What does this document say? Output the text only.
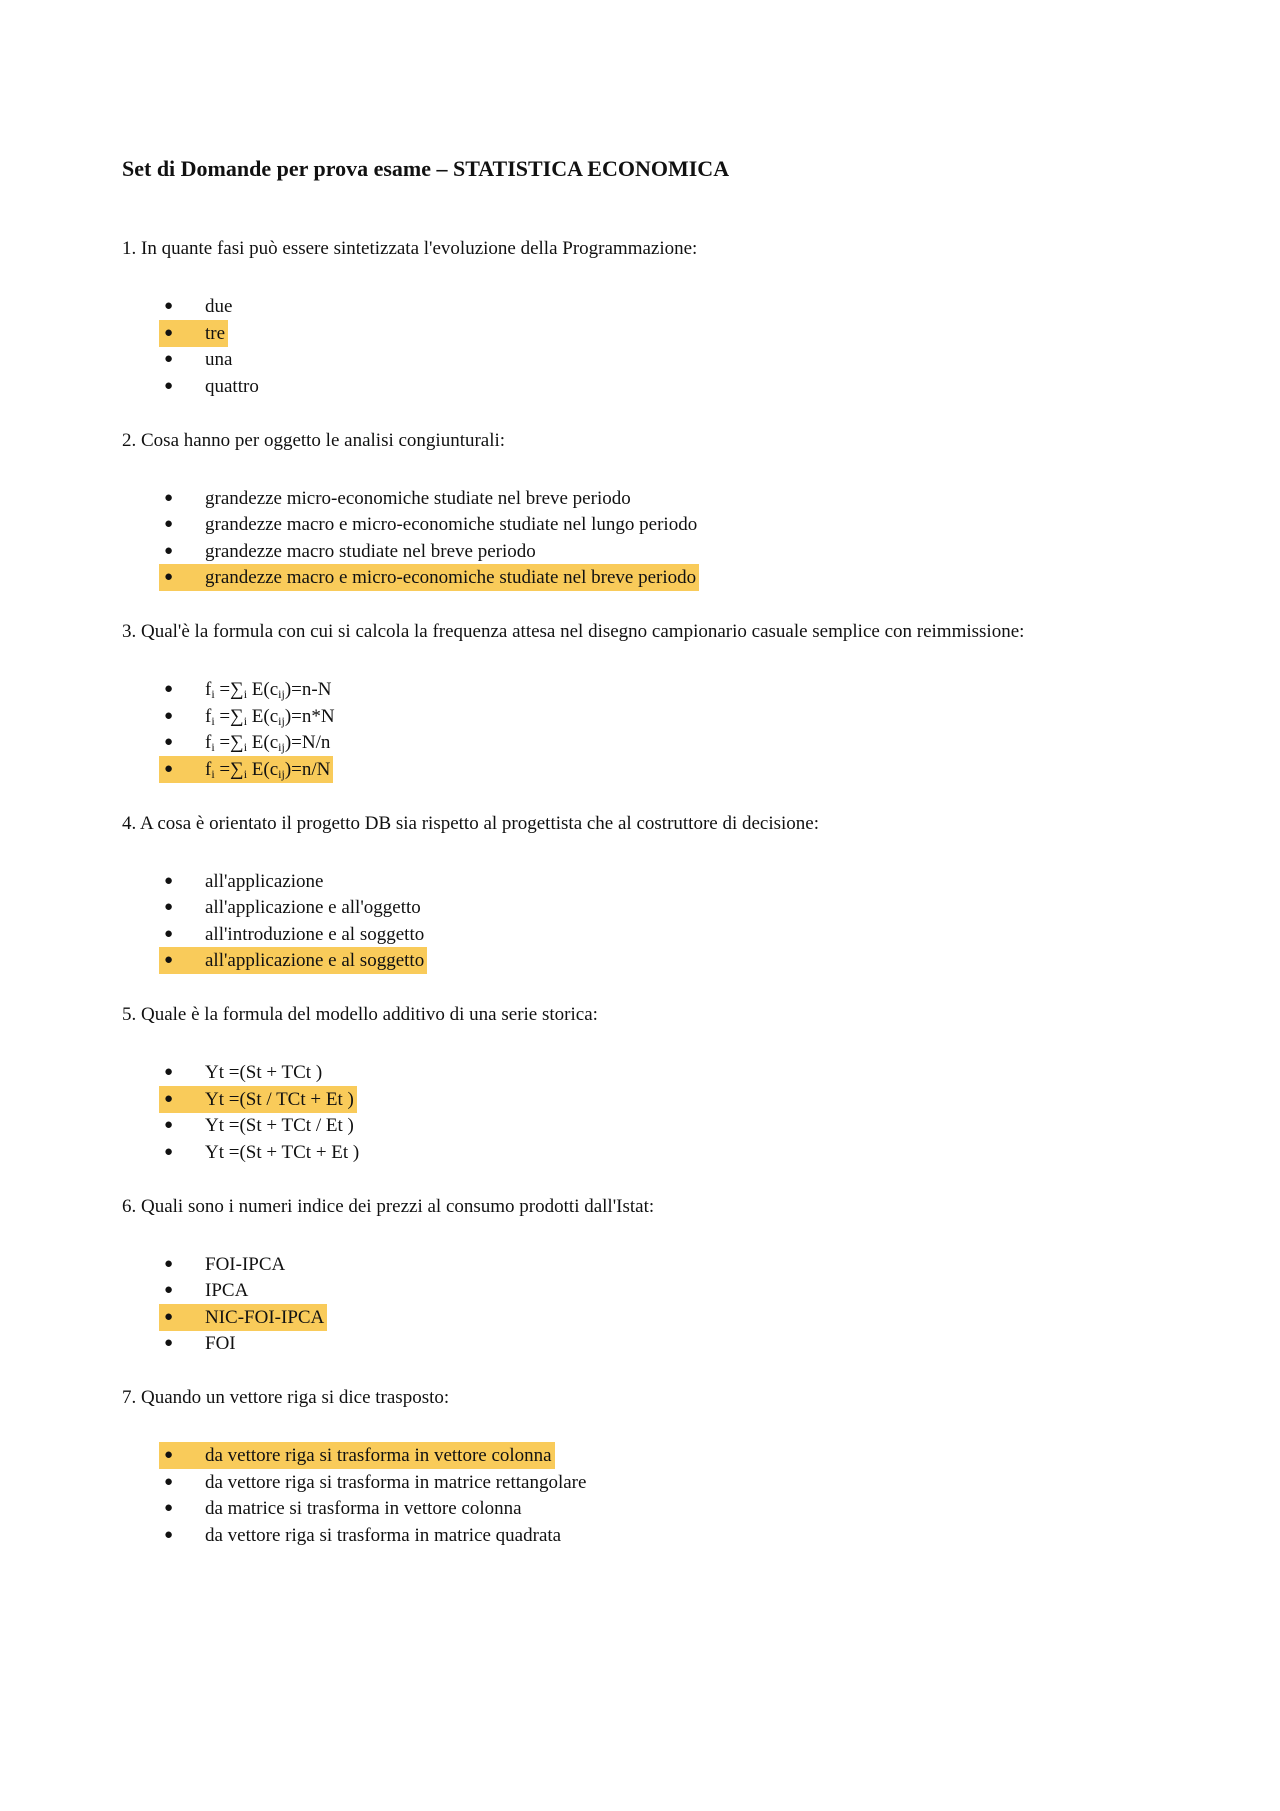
Set di Domande per prova esame – STATISTICA ECONOMICA
1. In quante fasi può essere sintetizzata l'evoluzione della Programmazione:
● due
● tre
● una
● quattro
2. Cosa hanno per oggetto le analisi congiunturali:
● grandezze micro-economiche studiate nel breve periodo
● grandezze macro e micro-economiche studiate nel lungo periodo
● grandezze macro studiate nel breve periodo
● grandezze macro e micro-economiche studiate nel breve periodo
3. Qual'è la formula con cui si calcola la frequenza attesa nel disegno campionario casuale semplice con reimmissione:
● $f_i =\sum_i$ $E(c_{ij})=n-N$
● $f_i =\sum_i$ $E(c_{ij})=n*N$
● $f_i =\sum_i$ $E(c_{ij})=N/n$
● $f_i =\sum_i$ $E(c_{ij})=n/N$
4. A cosa è orientato il progetto DB sia rispetto al progettista che al costruttore di decisione:
● all'applicazione
● all'applicazione e all'oggetto
● all'introduzione e al soggetto
● all'applicazione e al soggetto
5. Quale è la formula del modello additivo di una serie storica:
● Yt =(St + TCt )
● Yt =(St / TCt + Et )
● Yt =(St + TCt / Et )
● Yt =(St + TCt + Et )
6. Quali sono i numeri indice dei prezzi al consumo prodotti dall'Istat:
● FOI-IPCA
● IPCA
● NIC-FOI-IPCA
● FOI
7. Quando un vettore riga si dice trasposto:
● da vettore riga si trasforma in vettore colonna
● da vettore riga si trasforma in matrice rettangolare
● da matrice si trasforma in vettore colonna
● da vettore riga si trasforma in matrice quadrata
